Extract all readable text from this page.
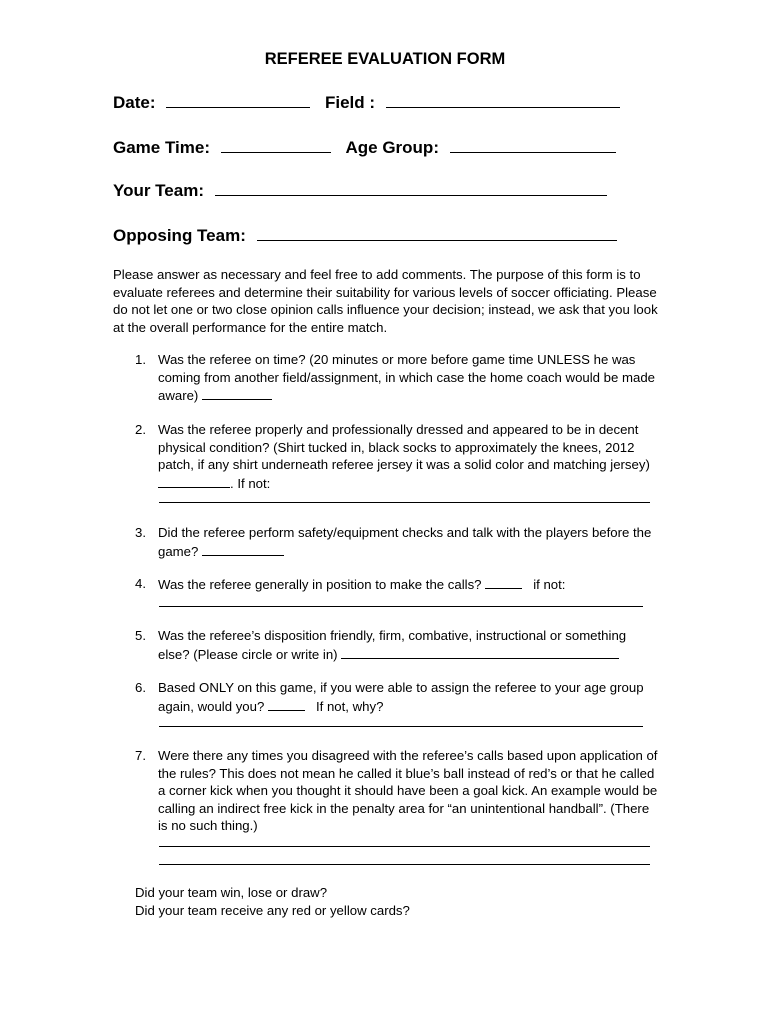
REFEREE EVALUATION FORM
Date:	Field :
Game Time:	Age Group:
Your Team:
Opposing Team:
Please answer as necessary and feel free to add comments. The purpose of this form is to evaluate referees and determine their suitability for various levels of soccer officiating. Please do not let one or two close opinion calls influence your decision; instead, we ask that you look at the overall performance for the entire match.
1. Was the referee on time? (20 minutes or more before game time UNLESS he was coming from another field/assignment, in which case the home coach would be made aware)
2. Was the referee properly and professionally dressed and appeared to be in decent physical condition? (Shirt tucked in, black socks to approximately the knees, 2012 patch, if any shirt underneath referee jersey it was a solid color and matching jersey) . If not:
3. Did the referee perform safety/equipment checks and talk with the players before the game?
4. Was the referee generally in position to make the calls?	if not:
5. Was the referee’s disposition friendly, firm, combative, instructional or something else? (Please circle or write in)
6. Based ONLY on this game, if you were able to assign the referee to your age group again, would you?	If not, why?
7. Were there any times you disagreed with the referee’s calls based upon application of the rules? This does not mean he called it blue’s ball instead of red’s or that he called a corner kick when you thought it should have been a goal kick. An example would be calling an indirect free kick in the penalty area for “an unintentional handball”. (There is no such thing.)
Did your team win, lose or draw?
Did your team receive any red or yellow cards?
